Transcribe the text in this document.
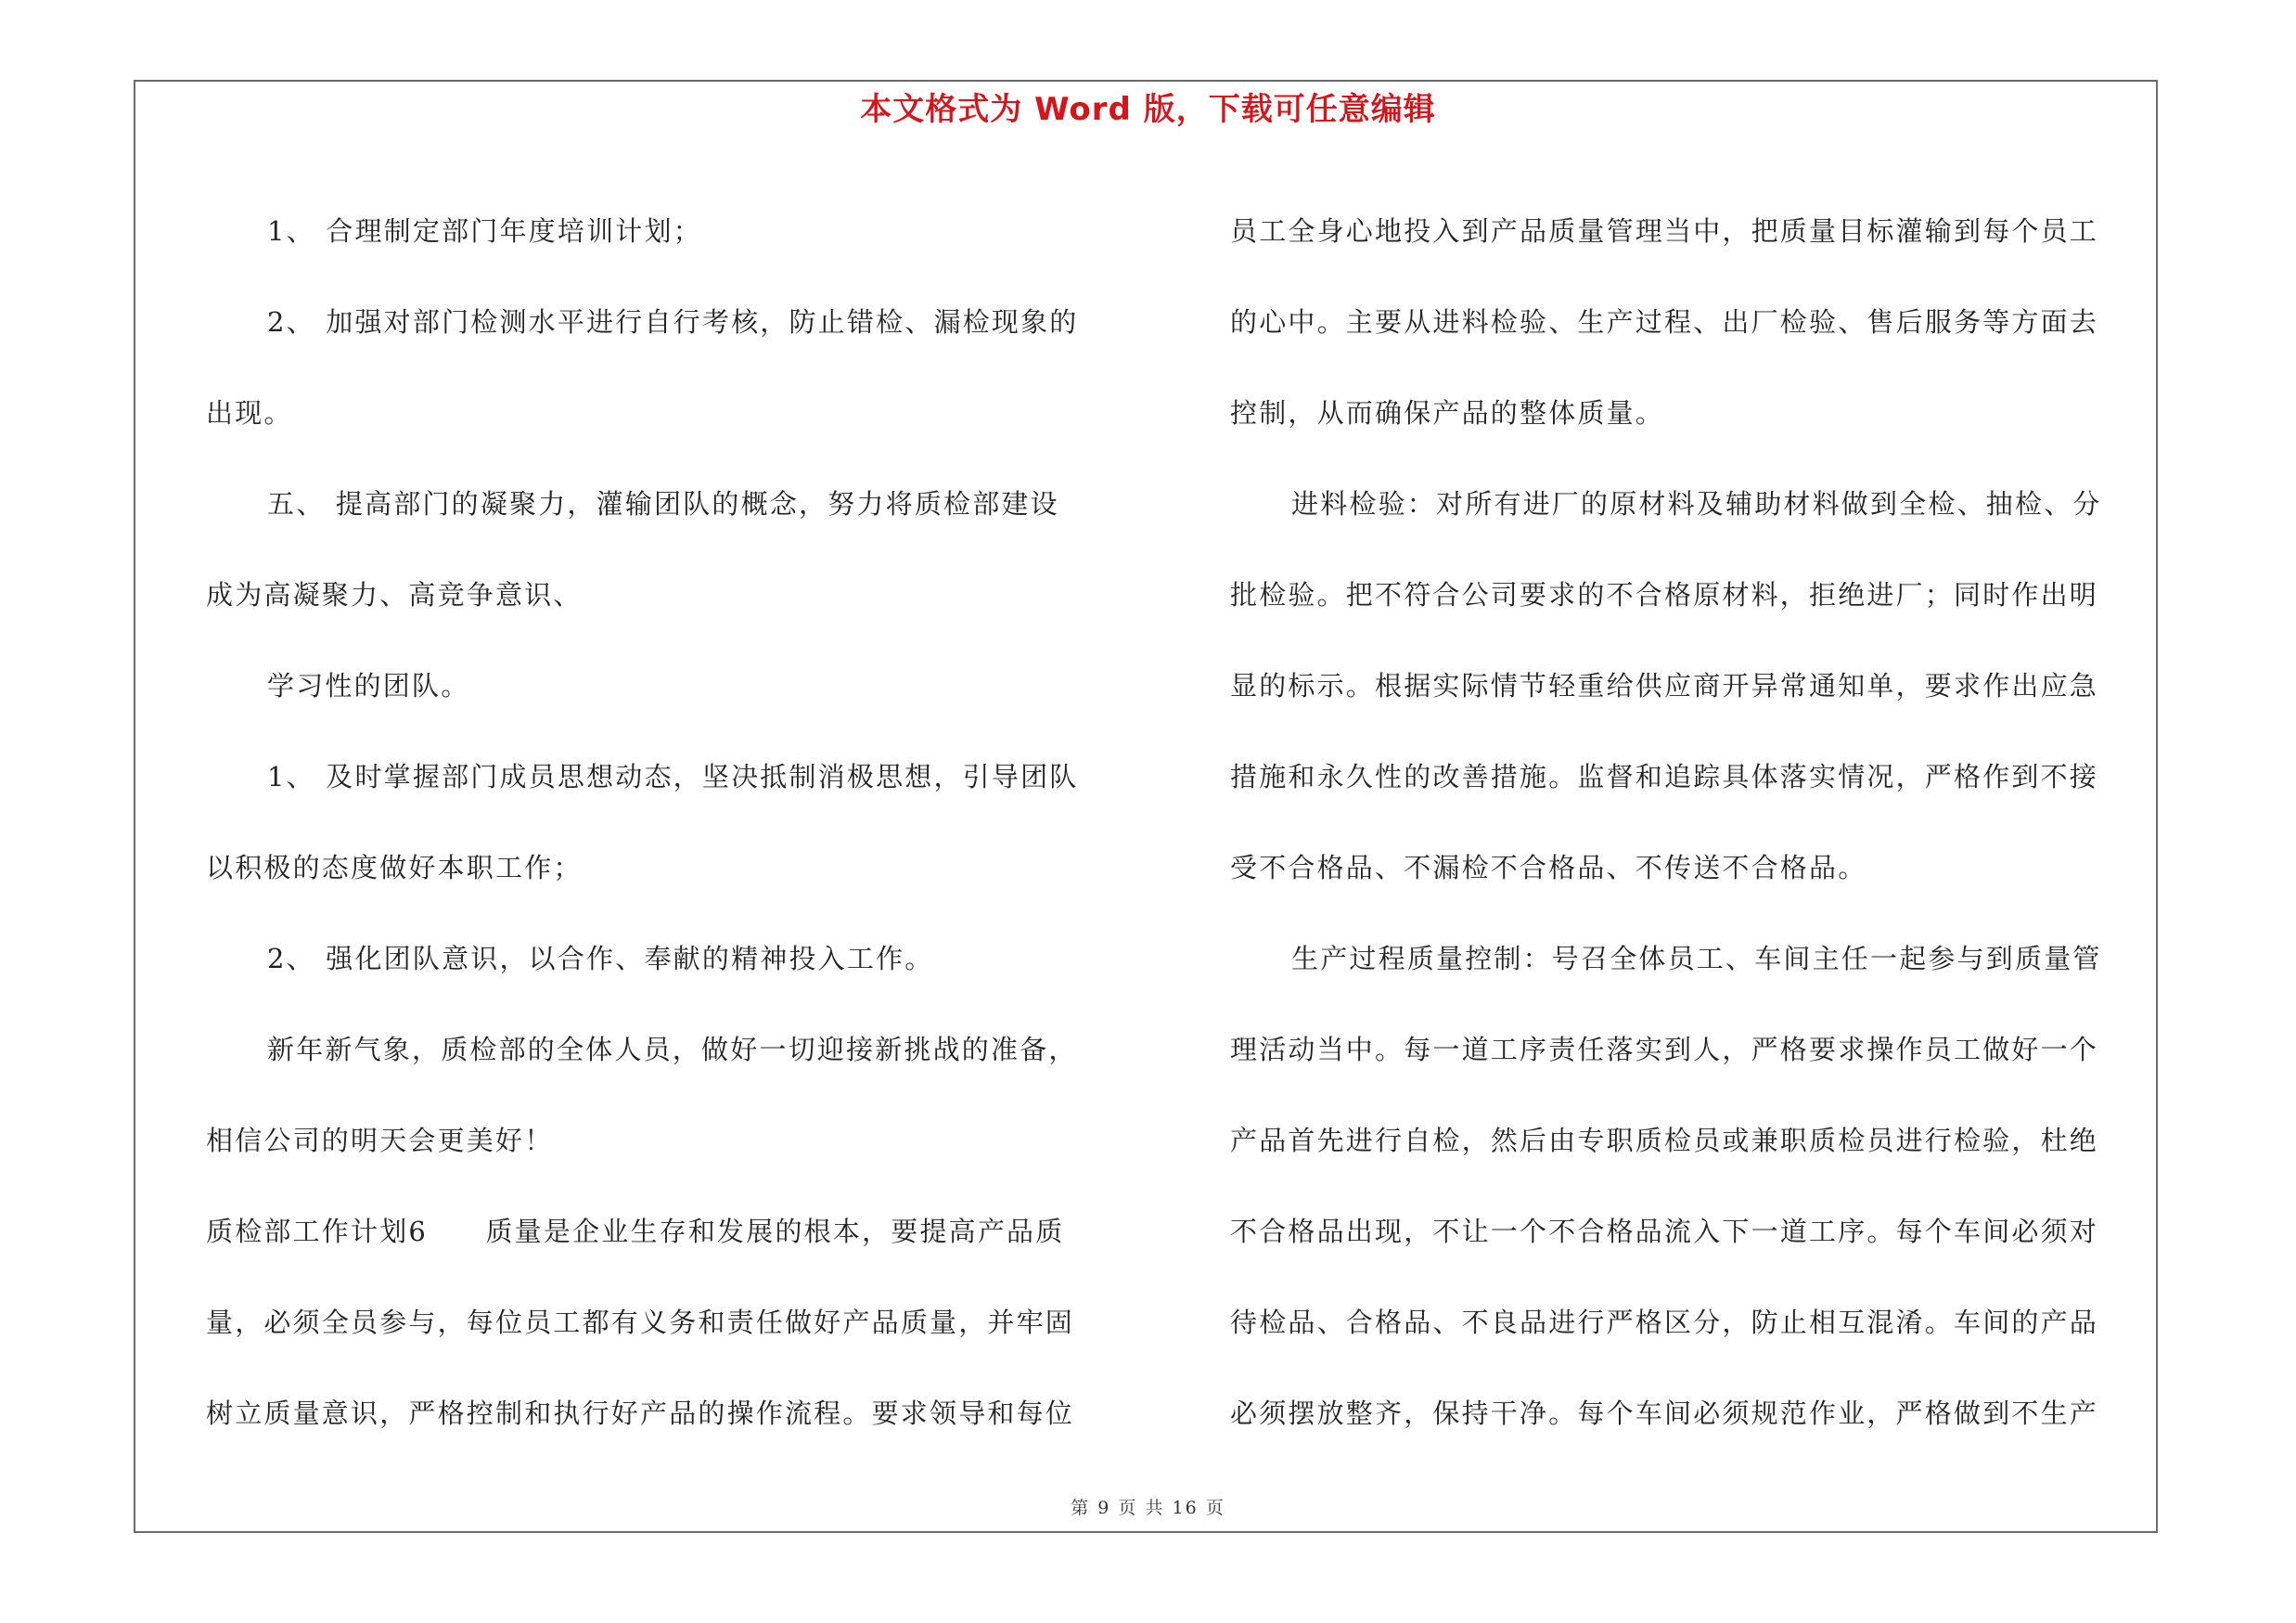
本文格式为 Word 版，下载可任意编辑

1、 合理制定部门年度培训计划；
2、 加强对部门检测水平进行自行考核，防止错检、漏检现象的
出现。
五、 提高部门的凝聚力，灌输团队的概念，努力将质检部建设
成为高凝聚力、高竞争意识、
学习性的团队。
1、 及时掌握部门成员思想动态，坚决抵制消极思想，引导团队
以积极的态度做好本职工作；
2、 强化团队意识，以合作、奉献的精神投入工作。
新年新气象，质检部的全体人员，做好一切迎接新挑战的准备，
相信公司的明天会更美好！
质检部工作计划6　　质量是企业生存和发展的根本，要提高产品质
量，必须全员参与，每位员工都有义务和责任做好产品质量，并牢固
树立质量意识，严格控制和执行好产品的操作流程。要求领导和每位

员工全身心地投入到产品质量管理当中，把质量目标灌输到每个员工
的心中。主要从进料检验、生产过程、出厂检验、售后服务等方面去
控制，从而确保产品的整体质量。
进料检验：对所有进厂的原材料及辅助材料做到全检、抽检、分
批检验。把不符合公司要求的不合格原材料，拒绝进厂；同时作出明
显的标示。根据实际情节轻重给供应商开异常通知单，要求作出应急
措施和永久性的改善措施。监督和追踪具体落实情况，严格作到不接
受不合格品、不漏检不合格品、不传送不合格品。
生产过程质量控制：号召全体员工、车间主任一起参与到质量管
理活动当中。每一道工序责任落实到人，严格要求操作员工做好一个
产品首先进行自检，然后由专职质检员或兼职质检员进行检验，杜绝
不合格品出现，不让一个不合格品流入下一道工序。每个车间必须对
待检品、合格品、不良品进行严格区分，防止相互混淆。车间的产品
必须摆放整齐，保持干净。每个车间必须规范作业，严格做到不生产

第 9 页 共 16 页
